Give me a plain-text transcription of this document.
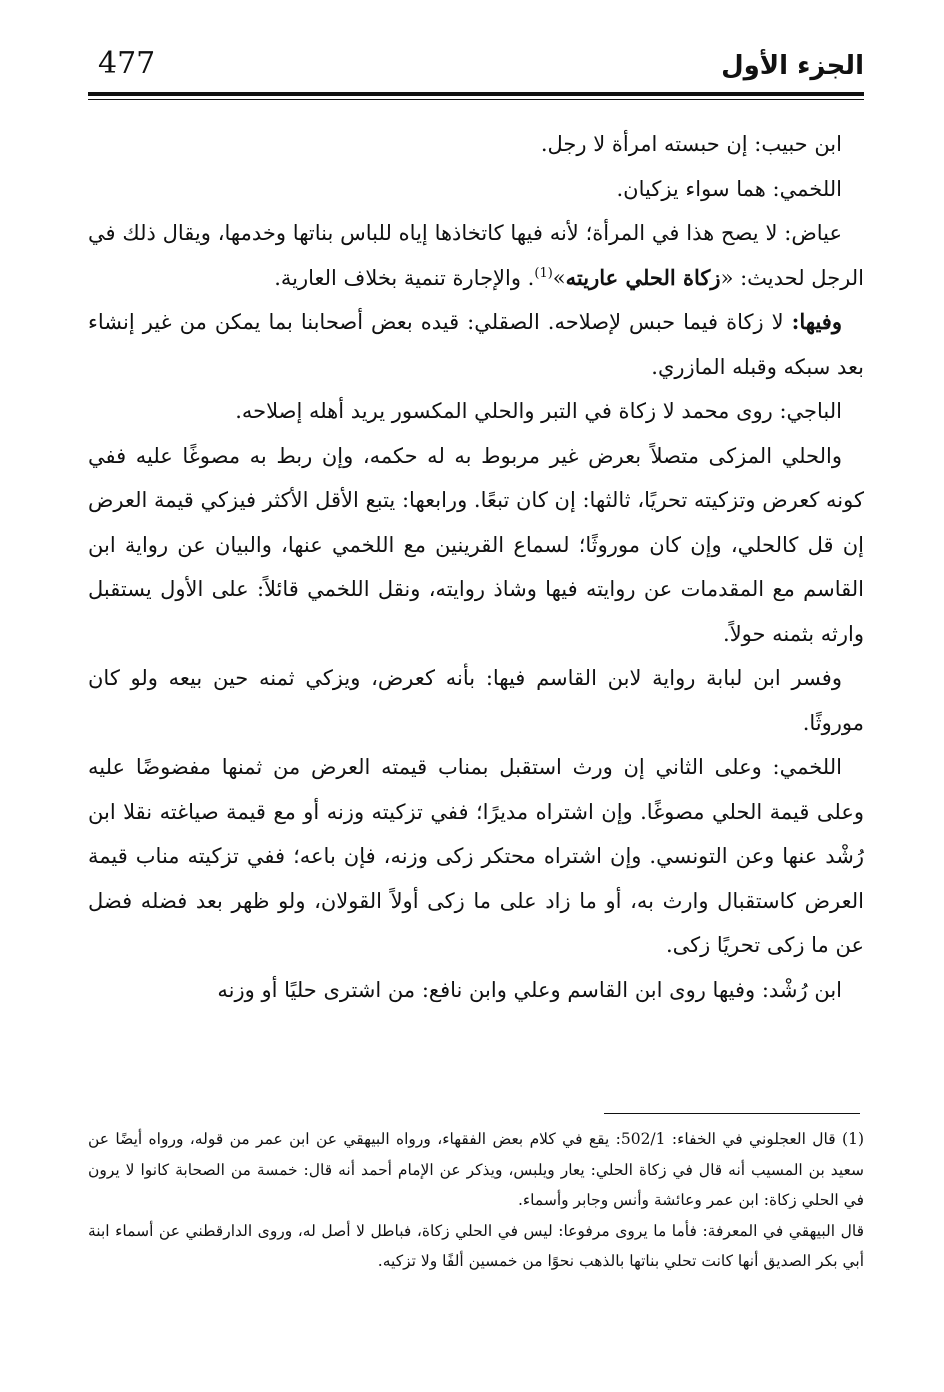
477	الجزء الأول

ابن حبيب: إن حبسته امرأة لا رجل.

اللخمي: هما سواء يزكيان.

عياض: لا يصح هذا في المرأة؛ لأنه فيها كاتخاذها إياه للباس بناتها وخدمها، ويقال ذلك في الرجل لحديث: «زكاة الحلي عاريته»$^{(1)}$. والإجارة تنمية بخلاف العارية.

وفيها: لا زكاة فيما حبس لإصلاحه. الصقلي: قيده بعض أصحابنا بما يمكن من غير إنشاء بعد سبكه وقبله المازري.

الباجي: روى محمد لا زكاة في التبر والحلي المكسور يريد أهله إصلاحه.

والحلي المزكى متصلاً بعرض غير مربوط به له حكمه، وإن ربط به مصوغًا عليه ففي كونه كعرض وتزكيته تحريًا، ثالثها: إن كان تبعًا. ورابعها: يتبع الأقل الأكثر فيزكي قيمة العرض إن قل كالحلي، وإن كان موروثًا؛ لسماع القرينين مع اللخمي عنها، والبيان عن رواية ابن القاسم مع المقدمات عن روايته فيها وشاذ روايته، ونقل اللخمي قائلاً: على الأول يستقبل وارثه بثمنه حولاً.

وفسر ابن لبابة رواية لابن القاسم فيها: بأنه كعرض، ويزكي ثمنه حين بيعه ولو كان موروثًا.

اللخمي: وعلى الثاني إن ورث استقبل بمناب قيمته العرض من ثمنها مفضوضًا عليه وعلى قيمة الحلي مصوغًا. وإن اشتراه مديرًا؛ ففي تزكيته وزنه أو مع قيمة صياغته نقلا ابن رُشْد عنها وعن التونسي. وإن اشتراه محتكر زكى وزنه، فإن باعه؛ ففي تزكيته مناب قيمة العرض كاستقبال وارث به، أو ما زاد على ما زكى أولاً القولان، ولو ظهر بعد فضله فضل عن ما زكى تحريًا زكى.

ابن رُشْد: وفيها روى ابن القاسم وعلي وابن نافع: من اشترى حليًا أو وزنه

(1) قال العجلوني في الخفاء: 502/1: يقع في كلام بعض الفقهاء، ورواه البيهقي عن ابن عمر من قوله، ورواه أيضًا عن سعيد بن المسيب أنه قال في زكاة الحلي: يعار ويلبس، ويذكر عن الإمام أحمد أنه قال: خمسة من الصحابة كانوا لا يرون في الحلي زكاة: ابن عمر وعائشة وأنس وجابر وأسماء.

قال البيهقي في المعرفة: فأما ما يروى مرفوعا: ليس في الحلي زكاة، فباطل لا أصل له، وروى الدارقطني عن أسماء ابنة أبي بكر الصديق أنها كانت تحلي بناتها بالذهب نحوًا من خمسين ألفًا ولا تزكيه.
